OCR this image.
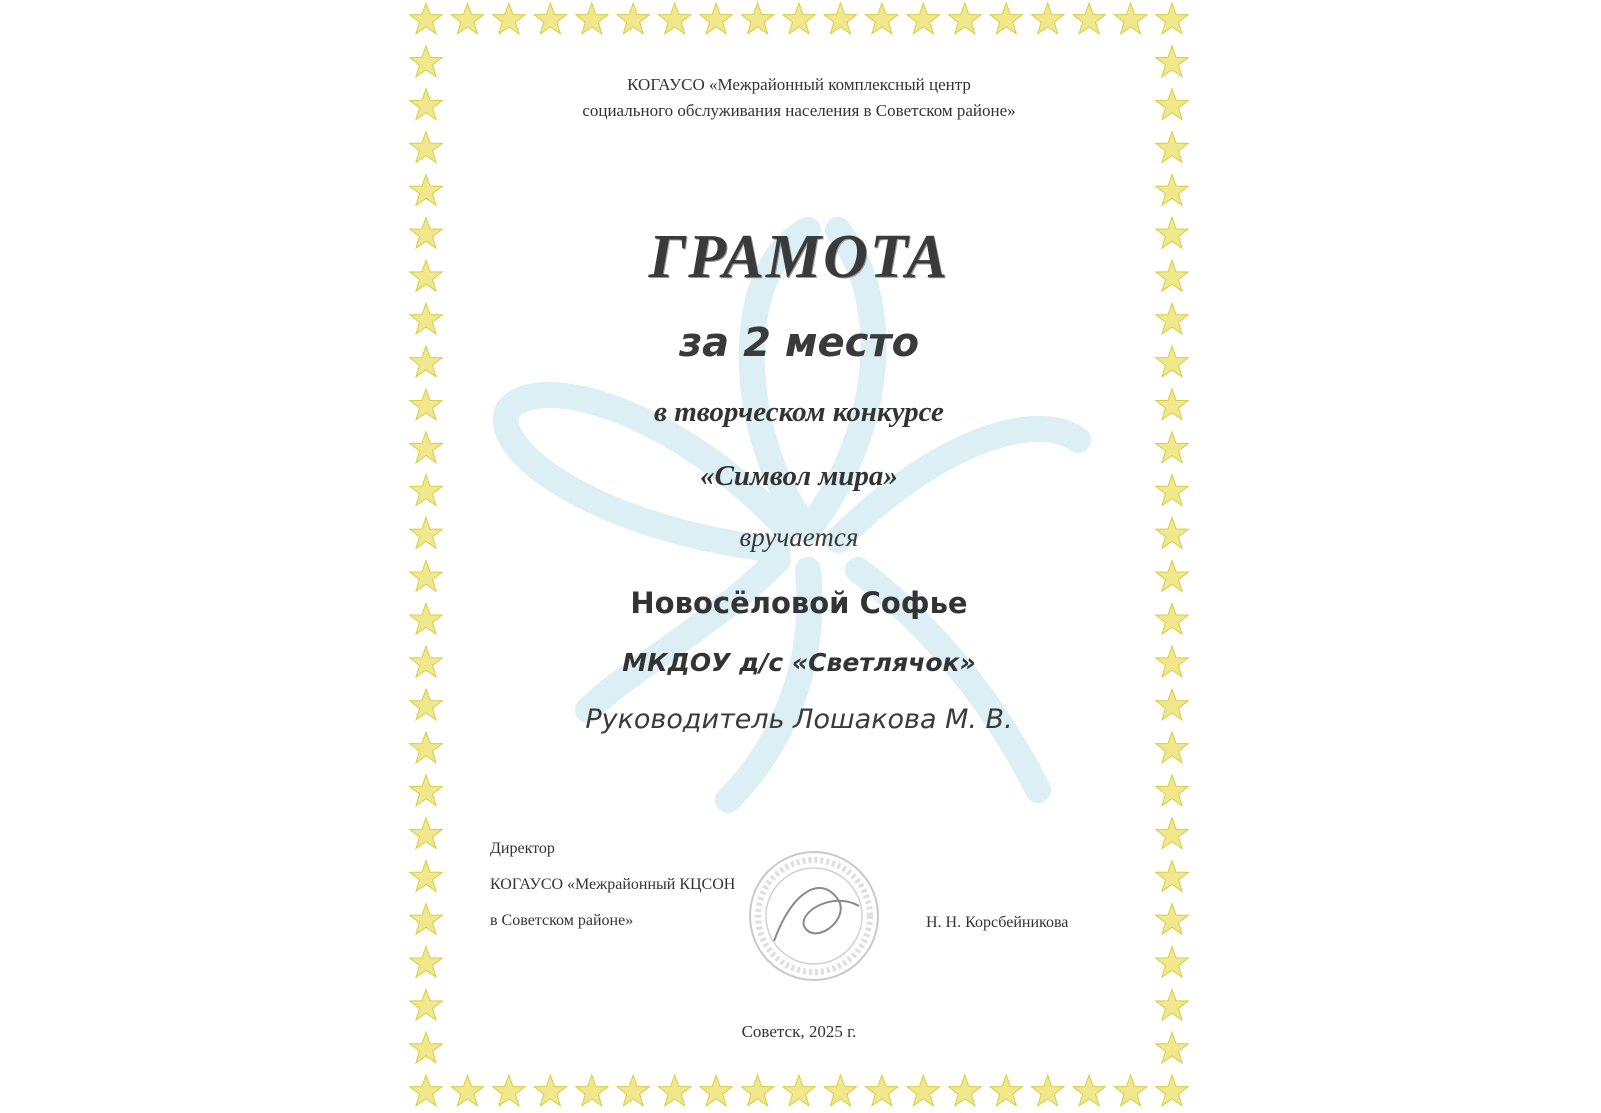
КОГАУСО «Межрайонный комплексный центр
социального обслуживания населения в Советском районе»
ГРАМОТА
за 2 место
в творческом конкурсе
«Символ мира»
вручается
Новосёловой Софье
МКДОУ д/с «Светлячок»
Руководитель Лошакова М. В.
Директор
КОГАУСО «Межрайонный КЦСОН
в Советском районе»	Н. Н. Корсбейникова
Советск, 2025 г.
